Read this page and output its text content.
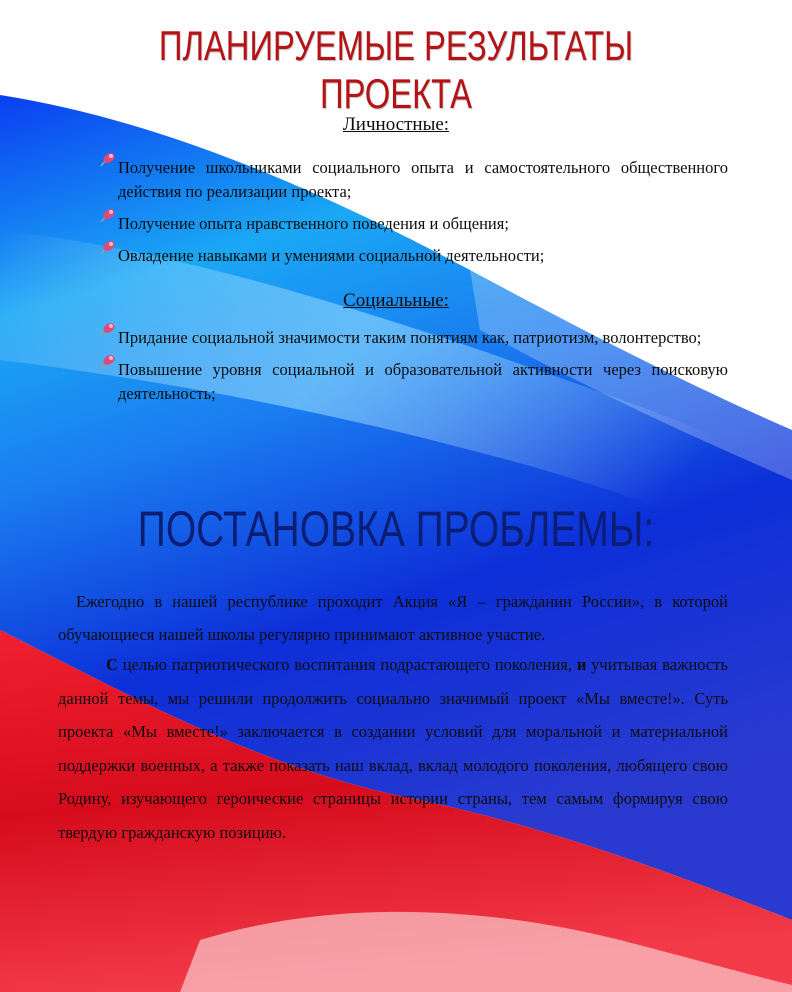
ПЛАНИРУЕМЫЕ РЕЗУЛЬТАТЫ ПРОЕКТА
Личностные:
Получение школьниками социального опыта и самостоятельного общественного действия по реализации проекта;
Получение опыта нравственного поведения и общения;
Овладение навыками и умениями социальной деятельности;
Социальные:
Придание социальной значимости таким понятиям как, патриотизм, волонтерство;
Повышение уровня социальной и образовательной активности через поисковую деятельность;
ПОСТАНОВКА ПРОБЛЕМЫ:

Ежегодно в нашей республике проходит Акция «Я – гражданин России», в которой обучающиеся нашей школы регулярно принимают активное участие.

С целью патриотического воспитания подрастающего поколения, и учитывая важность данной темы, мы решили продолжить социально значимый проект «Мы вместе!». Суть проекта «Мы вместе!» заключается в создании условий для моральной и материальной поддержки военных, а также показать наш вклад, вклад молодого поколения, любящего свою Родину, изучающего героические страницы истории страны, тем самым формируя свою твердую гражданскую позицию.
